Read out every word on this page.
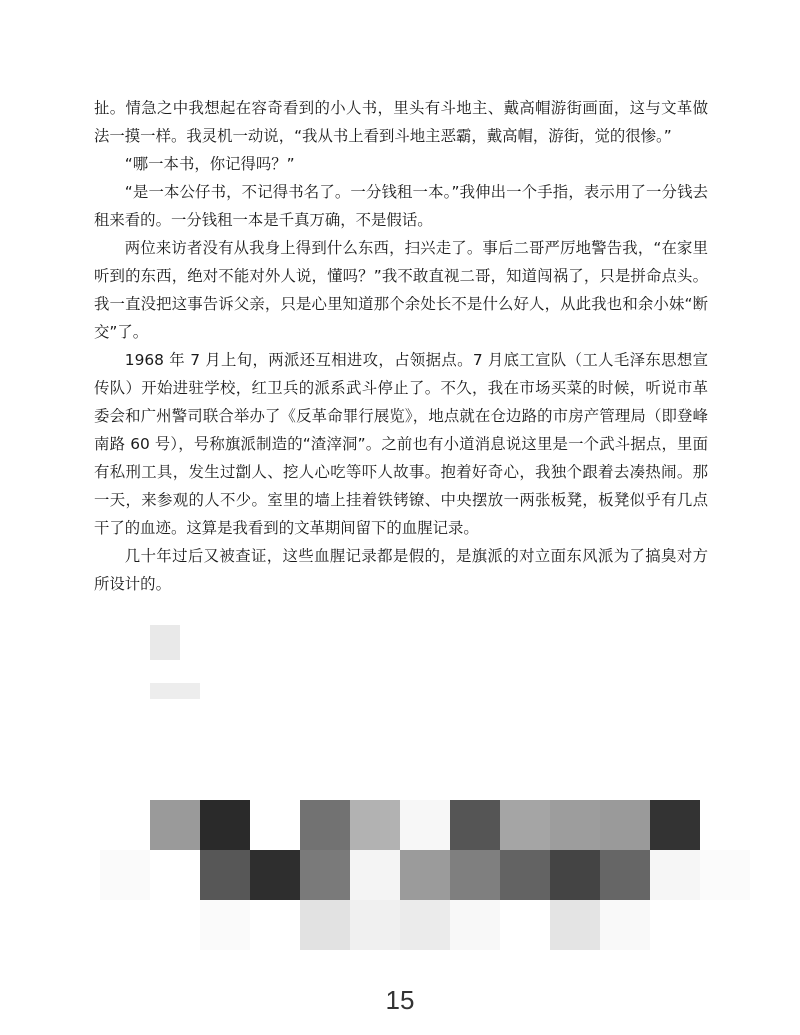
扯。情急之中我想起在容奇看到的小人书，里头有斗地主、戴高帽游街画面，这与文革做法一摸一样。我灵机一动说，“我从书上看到斗地主恶霸，戴高帽，游街，觉的很惨。”

“哪一本书，你记得吗？”

“是一本公仔书，不记得书名了。一分钱租一本。”我伸出一个手指，表示用了一分钱去租来看的。一分钱租一本是千真万确，不是假话。

两位来访者没有从我身上得到什么东西，扫兴走了。事后二哥严厉地警告我，“在家里听到的东西，绝对不能对外人说，懂吗？”我不敢直视二哥，知道闯祸了，只是拼命点头。我一直没把这事告诉父亲，只是心里知道那个余处长不是什么好人，从此我也和余小妹“断交”了。

1968 年 7 月上旬，两派还互相进攻，占领据点。7 月底工宣队（工人毛泽东思想宣传队）开始进驻学校，红卫兵的派系武斗停止了。不久，我在市场买菜的时候，听说市革委会和广州警司联合举办了《反革命罪行展览》，地点就在仓边路的市房产管理局（即登峰南路 60 号），号称旗派制造的“渣滓洞”。之前也有小道消息说这里是一个武斗据点，里面有私刑工具，发生过劏人、挖人心吃等吓人故事。抱着好奇心，我独个跟着去凑热闹。那一天，来参观的人不少。室里的墙上挂着铁铐镣、中央摆放一两张板凳，板凳似乎有几点干了的血迹。这算是我看到的文革期间留下的血腥记录。

几十年过后又被查证，这些血腥记录都是假的，是旗派的对立面东风派为了搞臭对方所设计的。

15
